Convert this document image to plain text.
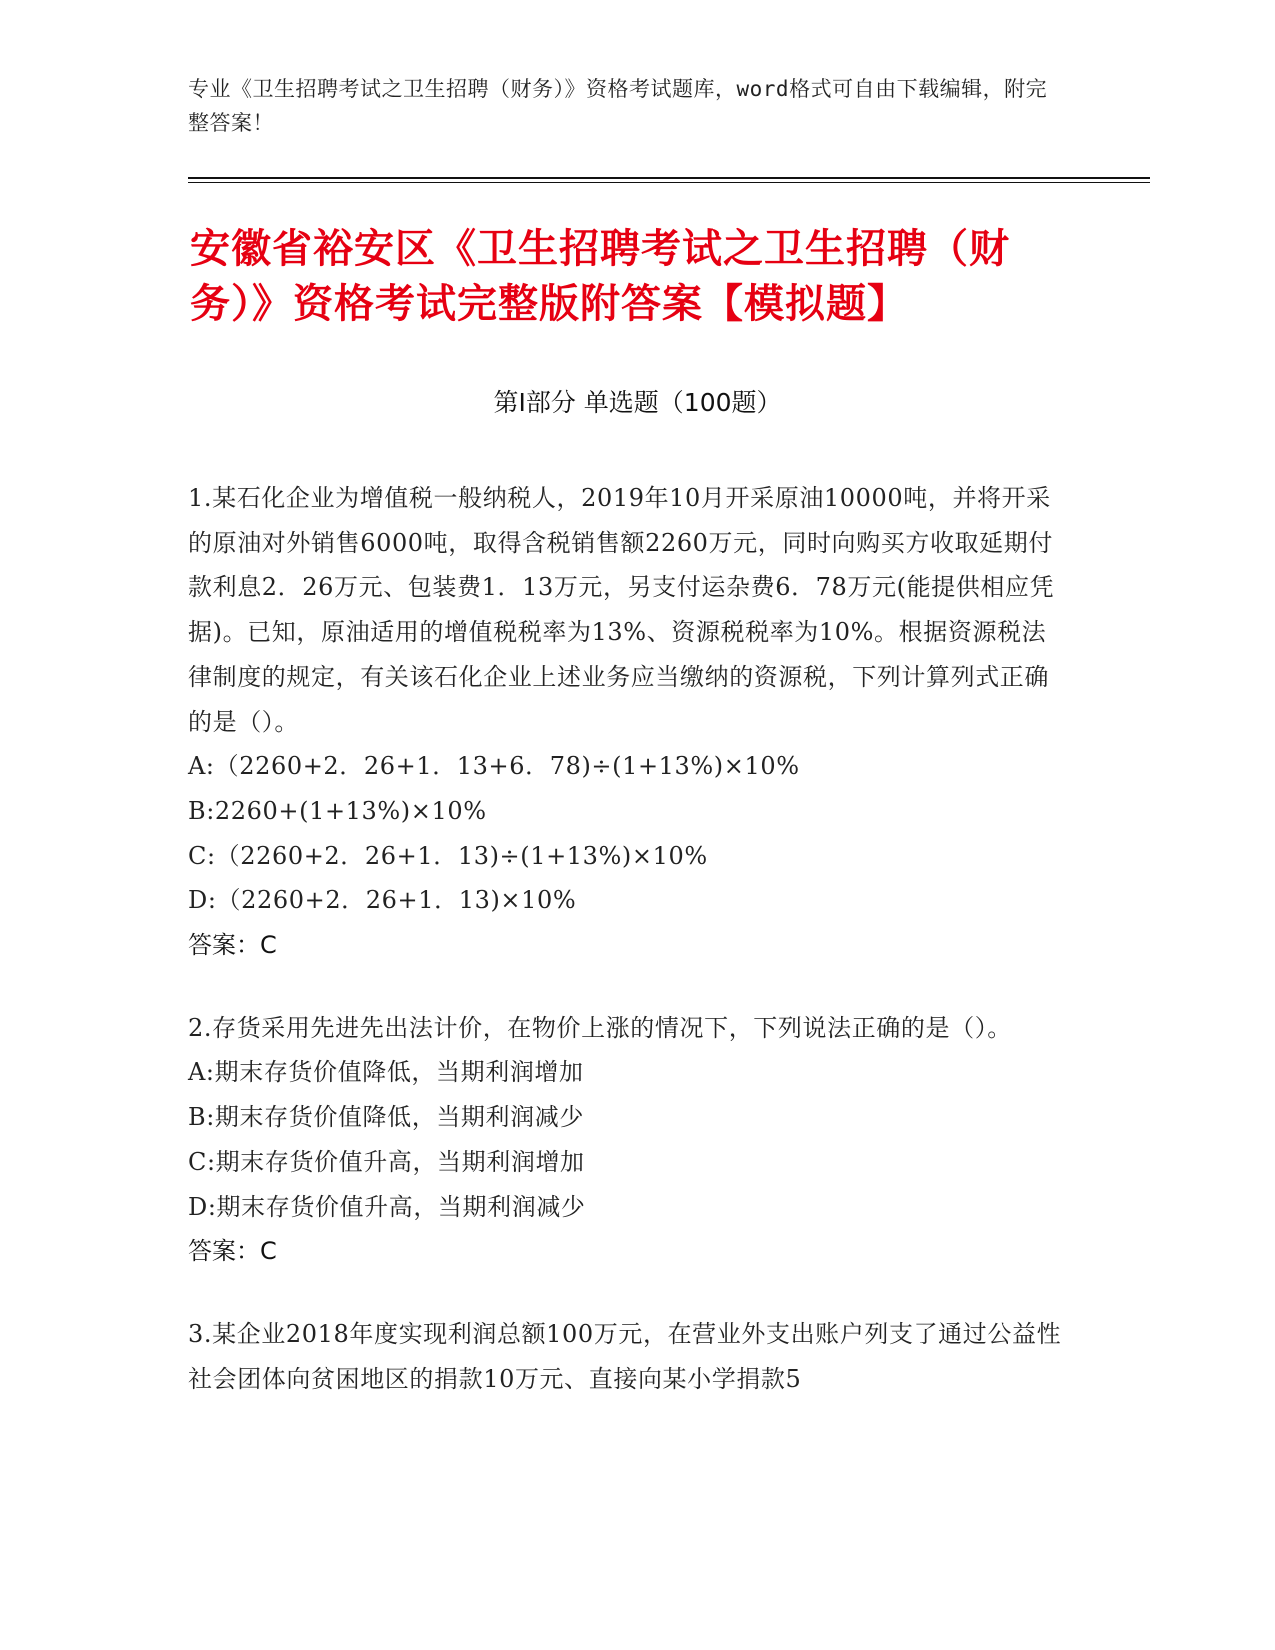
专业《卫生招聘考试之卫生招聘（财务）》资格考试题库，word格式可自由下载编辑，附完整答案！
安徽省裕安区《卫生招聘考试之卫生招聘（财务）》资格考试完整版附答案【模拟题】
第Ⅰ部分 单选题（100题）

1.某石化企业为增值税一般纳税人，2019年10月开采原油10000吨，并将开采的原油对外销售6000吨，取得含税销售额2260万元，同时向购买方收取延期付款利息2．26万元、包装费1．13万元，另支付运杂费6．78万元(能提供相应凭据)。已知，原油适用的增值税税率为13%、资源税税率为10%。根据资源税法律制度的规定，有关该石化企业上述业务应当缴纳的资源税，下列计算列式正确的是（）。

A:（2260+2．26+1．13+6．78)÷(1+13%)×10%

B:2260+(1+13%)×10%

C:（2260+2．26+1．13)÷(1+13%)×10%

D:（2260+2．26+1．13)×10%

答案：C

2.存货采用先进先出法计价，在物价上涨的情况下，下列说法正确的是（）。

A:期末存货价值降低，当期利润增加

B:期末存货价值降低，当期利润减少

C:期末存货价值升高，当期利润增加

D:期末存货价值升高，当期利润减少

答案：C

3.某企业2018年度实现利润总额100万元，在营业外支出账户列支了通过公益性社会团体向贫困地区的捐款10万元、直接向某小学捐款5
